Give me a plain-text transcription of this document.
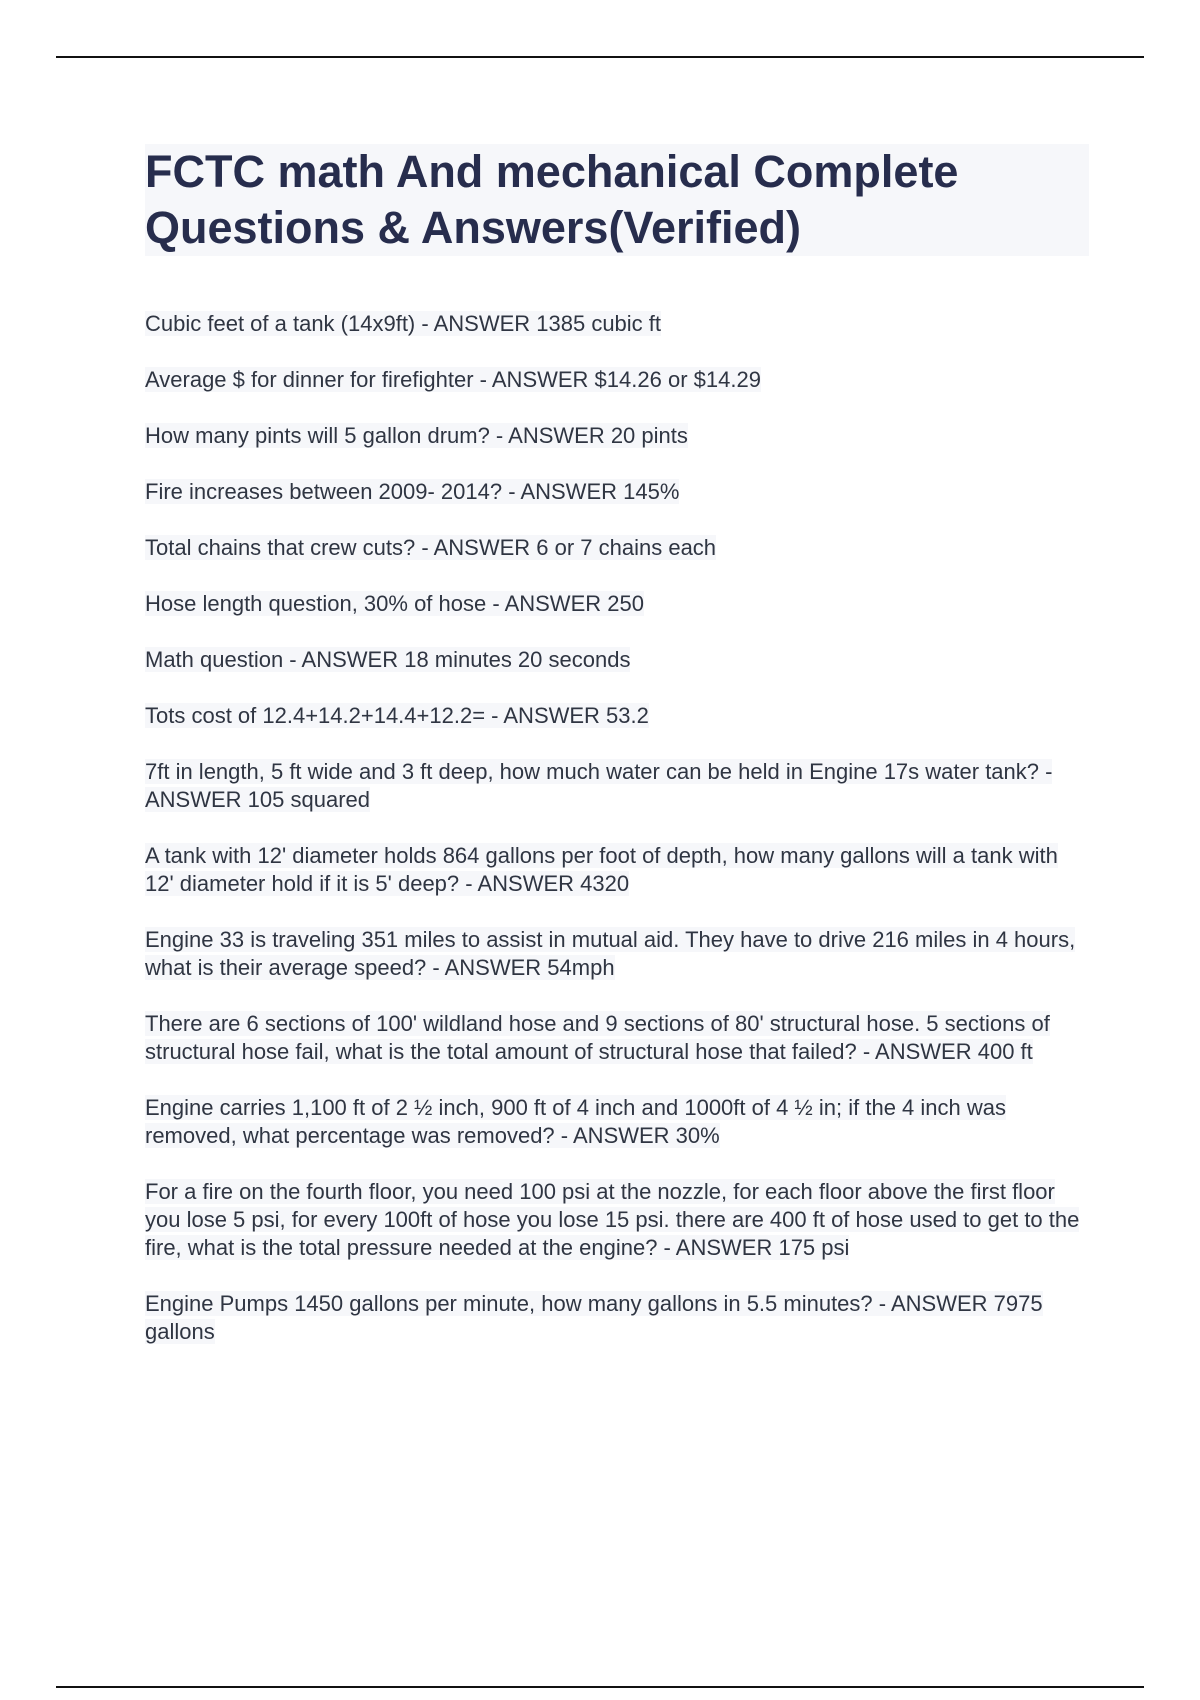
FCTC math And mechanical Complete Questions & Answers(Verified)
Cubic feet of a tank (14x9ft) - ANSWER 1385 cubic ft
Average $ for dinner for firefighter - ANSWER $14.26 or $14.29
How many pints will 5 gallon drum? - ANSWER 20 pints
Fire increases between 2009- 2014? - ANSWER 145%
Total chains that crew cuts? - ANSWER 6 or 7 chains each
Hose length question, 30% of hose - ANSWER 250
Math question - ANSWER 18 minutes 20 seconds
Tots cost of 12.4+14.2+14.4+12.2= - ANSWER 53.2
7ft in length, 5 ft wide and 3 ft deep, how much water can be held in Engine 17s water tank? - ANSWER 105 squared
A tank with 12' diameter holds 864 gallons per foot of depth, how many gallons will a tank with 12' diameter hold if it is 5' deep? - ANSWER 4320
Engine 33 is traveling 351 miles to assist in mutual aid. They have to drive 216 miles in 4 hours, what is their average speed? - ANSWER 54mph
There are 6 sections of 100' wildland hose and 9 sections of 80' structural hose. 5 sections of structural hose fail, what is the total amount of structural hose that failed? - ANSWER 400 ft
Engine carries 1,100 ft of 2 ½ inch, 900 ft of 4 inch and 1000ft of 4 ½ in; if the 4 inch was removed, what percentage was removed? - ANSWER 30%
For a fire on the fourth floor, you need 100 psi at the nozzle, for each floor above the first floor you lose 5 psi, for every 100ft of hose you lose 15 psi. there are 400 ft of hose used to get to the fire, what is the total pressure needed at the engine? - ANSWER 175 psi
Engine Pumps 1450 gallons per minute, how many gallons in 5.5 minutes? - ANSWER 7975 gallons
